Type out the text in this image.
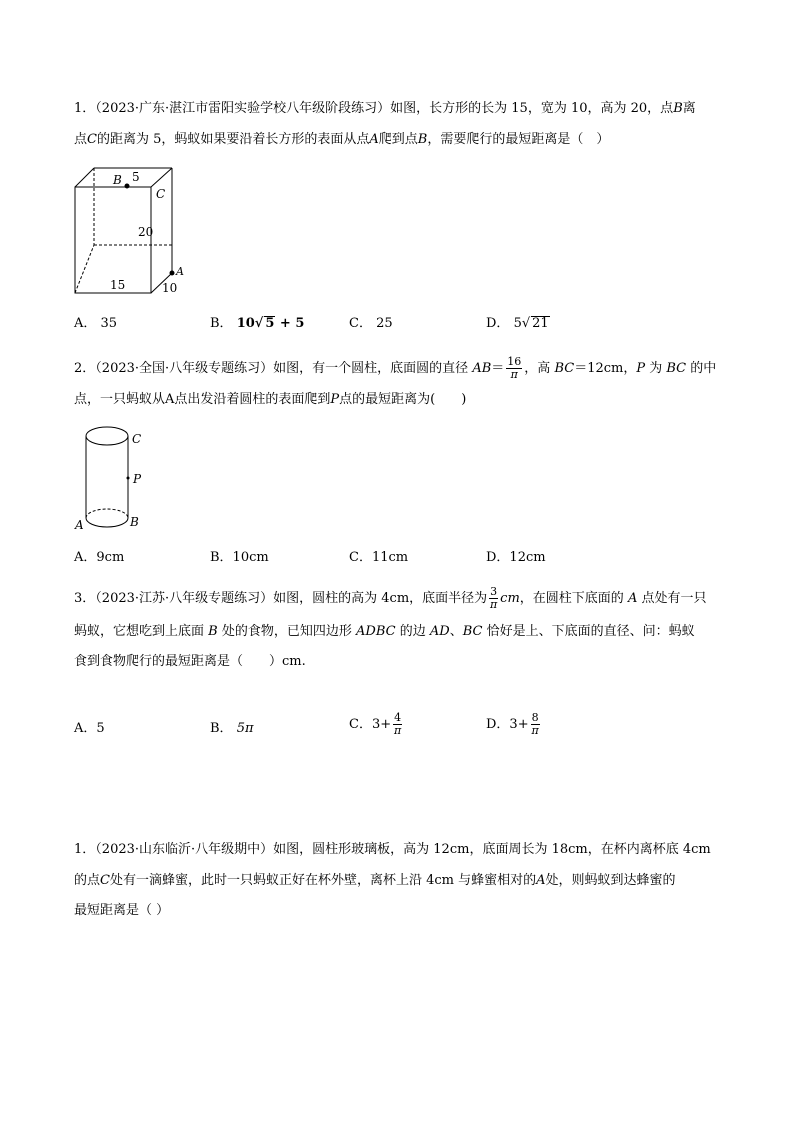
1．（2023·广东·湛江市雷阳实验学校八年级阶段练习）如图，长方形的长为 15，宽为 10，高为 20，点B离
点C的距离为 5，蚂蚁如果要沿着长方形的表面从点A爬到点B，需要爬行的最短距离是（　）
B 5
C
20
A
15	10
A． 35	B． 10√ 5 + 5	C． 25	D． 5√ 21
2．（2023·全国·八年级专题练习）如图，有一个圆柱，底面圆的直径 $AB= \frac{16}{\pi}$ ，高 BC＝12cm，P 为 BC 的中
点，一只蚂蚁从A点出发沿着圆柱的表面爬到P点的最短距离为(　　)
C
P
A	B
A．9cm	B．10cm	C．11cm	D．12cm
3．（2023·江苏·八年级专题练习）如图，圆柱的高为 4cm，底面半径为 $\frac{3}{\pi}$ cm，在圆柱下底面的 A 点处有一只
蚂蚁，它想吃到上底面 B 处的食物，已知四边形 ADBC 的边 AD、BC 恰好是上、下底面的直径、问：蚂蚁
食到食物爬行的最短距离是（　　）cm.
A．5	B． 5π	C．$3+ \frac{4}{\pi}$	D．$3+ \frac{8}{\pi}$
1．（2023·山东临沂·八年级期中）如图，圆柱形玻璃板，高为 12cm，底面周长为 18cm，在杯内离杯底 4cm
的点C处有一滴蜂蜜，此时一只蚂蚁正好在杯外壁，离杯上沿 4cm 与蜂蜜相对的A处，则蚂蚁到达蜂蜜的
最短距离是（ ）
